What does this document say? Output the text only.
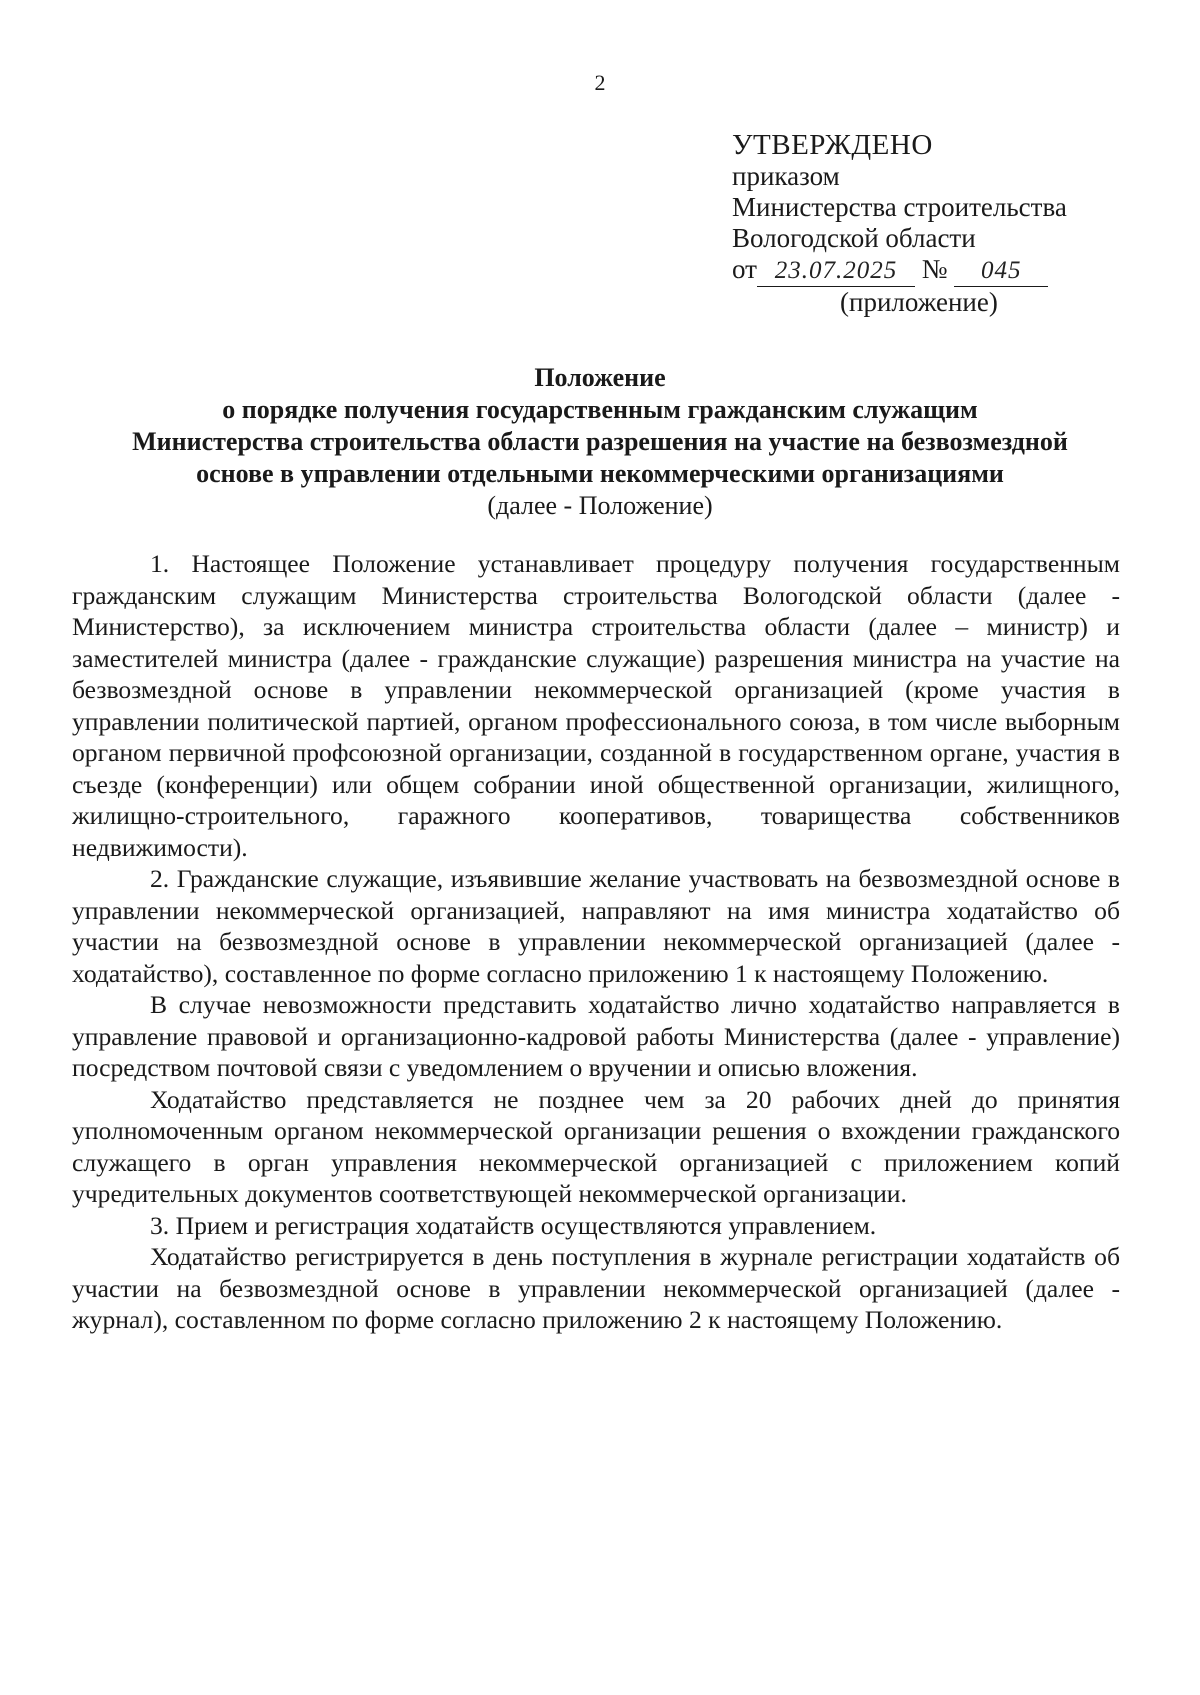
2
УТВЕРЖДЕНО
приказом
Министерства строительства
Вологодской области
от 23.07.2025 № 045
(приложение)
Положение
о порядке получения государственным гражданским служащим
Министерства строительства области разрешения на участие на безвозмездной
основе в управлении отдельными некоммерческими организациями
(далее - Положение)

1. Настоящее Положение устанавливает процедуру получения государственным гражданским служащим Министерства строительства Вологодской области (далее - Министерство), за исключением министра строительства области (далее – министр) и заместителей министра (далее - гражданские служащие) разрешения министра на участие на безвозмездной основе в управлении некоммерческой организацией (кроме участия в управлении политической партией, органом профессионального союза, в том числе выборным органом первичной профсоюзной организации, созданной в государственном органе, участия в съезде (конференции) или общем собрании иной общественной организации, жилищного, жилищно-строительного, гаражного кооперативов, товарищества собственников недвижимости).

2. Гражданские служащие, изъявившие желание участвовать на безвозмездной основе в управлении некоммерческой организацией, направляют на имя министра ходатайство об участии на безвозмездной основе в управлении некоммерческой организацией (далее - ходатайство), составленное по форме согласно приложению 1 к настоящему Положению.

В случае невозможности представить ходатайство лично ходатайство направляется в управление правовой и организационно-кадровой работы Министерства (далее - управление) посредством почтовой связи с уведомлением о вручении и описью вложения.

Ходатайство представляется не позднее чем за 20 рабочих дней до принятия уполномоченным органом некоммерческой организации решения о вхождении гражданского служащего в орган управления некоммерческой организацией с приложением копий учредительных документов соответствующей некоммерческой организации.

3. Прием и регистрация ходатайств осуществляются управлением.

Ходатайство регистрируется в день поступления в журнале регистрации ходатайств об участии на безвозмездной основе в управлении некоммерческой организацией (далее - журнал), составленном по форме согласно приложению 2 к настоящему Положению.
